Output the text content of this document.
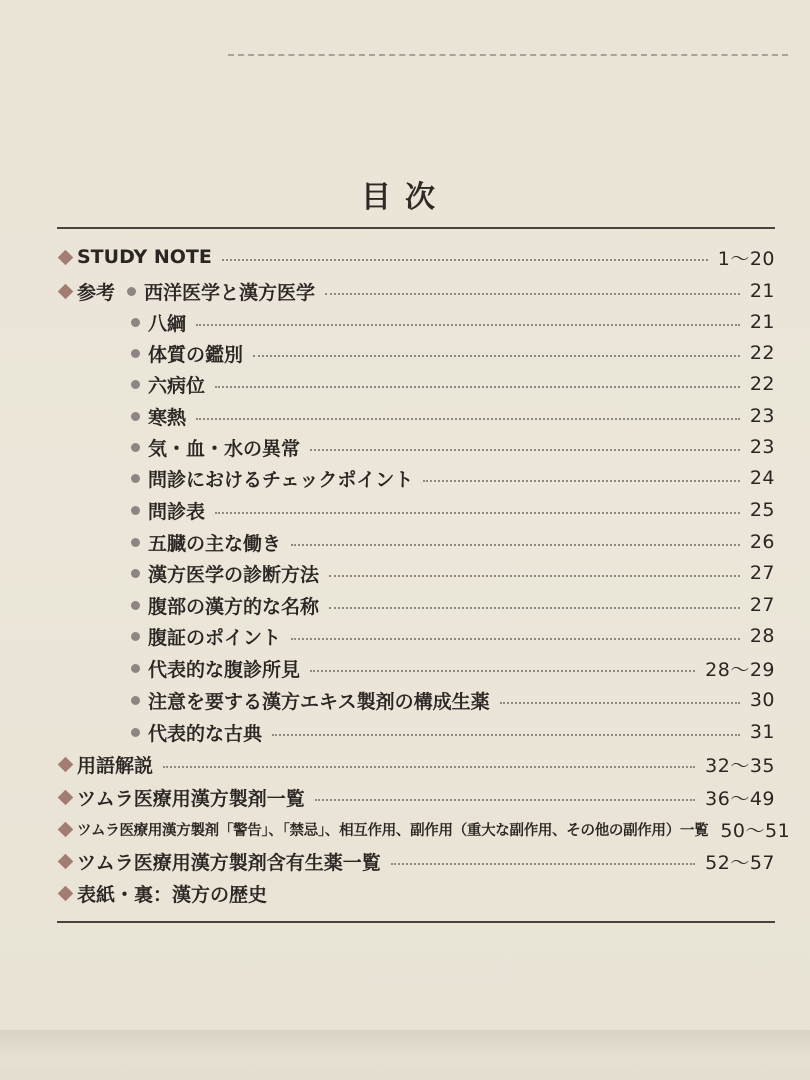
目次
STUDY NOTE	1〜20
参考 西洋医学と漢方医学	21
八綱	21
体質の鑑別	22
六病位	22
寒熱	23
気・血・水の異常	23
問診におけるチェックポイント	24
問診表	25
五臓の主な働き	26
漢方医学の診断方法	27
腹部の漢方的な名称	27
腹証のポイント	28
代表的な腹診所見	28〜29
注意を要する漢方エキス製剤の構成生薬	30
代表的な古典	31
用語解説	32〜35
ツムラ医療用漢方製剤一覧	36〜49
ツムラ医療用漢方製剤「警告」、「禁忌」、相互作用、副作用（重大な副作用、その他の副作用）一覧 50〜51
ツムラ医療用漢方製剤含有生薬一覧	52〜57
表紙・裏：漢方の歴史
